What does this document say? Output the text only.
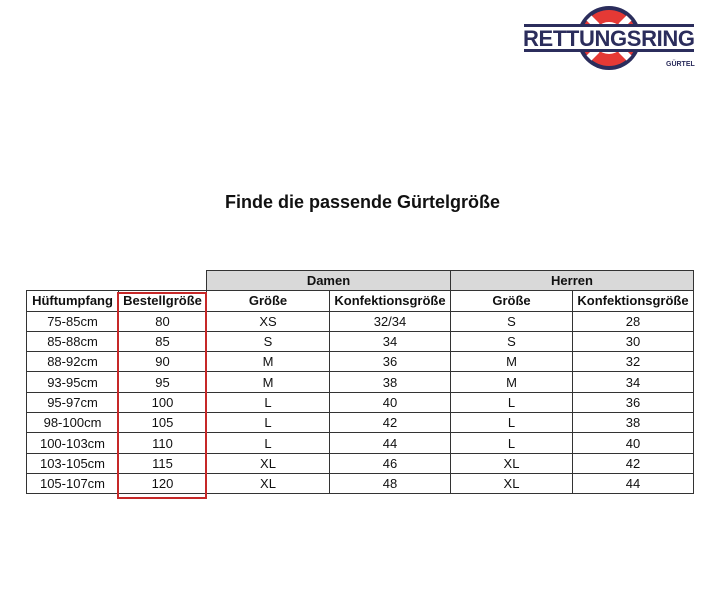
RETTUNGSRING
GÜRTEL
Finde die passende Gürtelgröße
		Damen		Herren	
Hüftumpfang	Bestellgröße	Größe	Konfektionsgröße	Größe	Konfektionsgröße
75-85cm	80	XS	32/34	S	28
85-88cm	85	S	34	S	30
88-92cm	90	M	36	M	32
93-95cm	95	M	38	M	34
95-97cm	100	L	40	L	36
98-100cm	105	L	42	L	38
100-103cm	110	L	44	L	40
103-105cm	115	XL	46	XL	42
105-107cm	120	XL	48	XL	44
